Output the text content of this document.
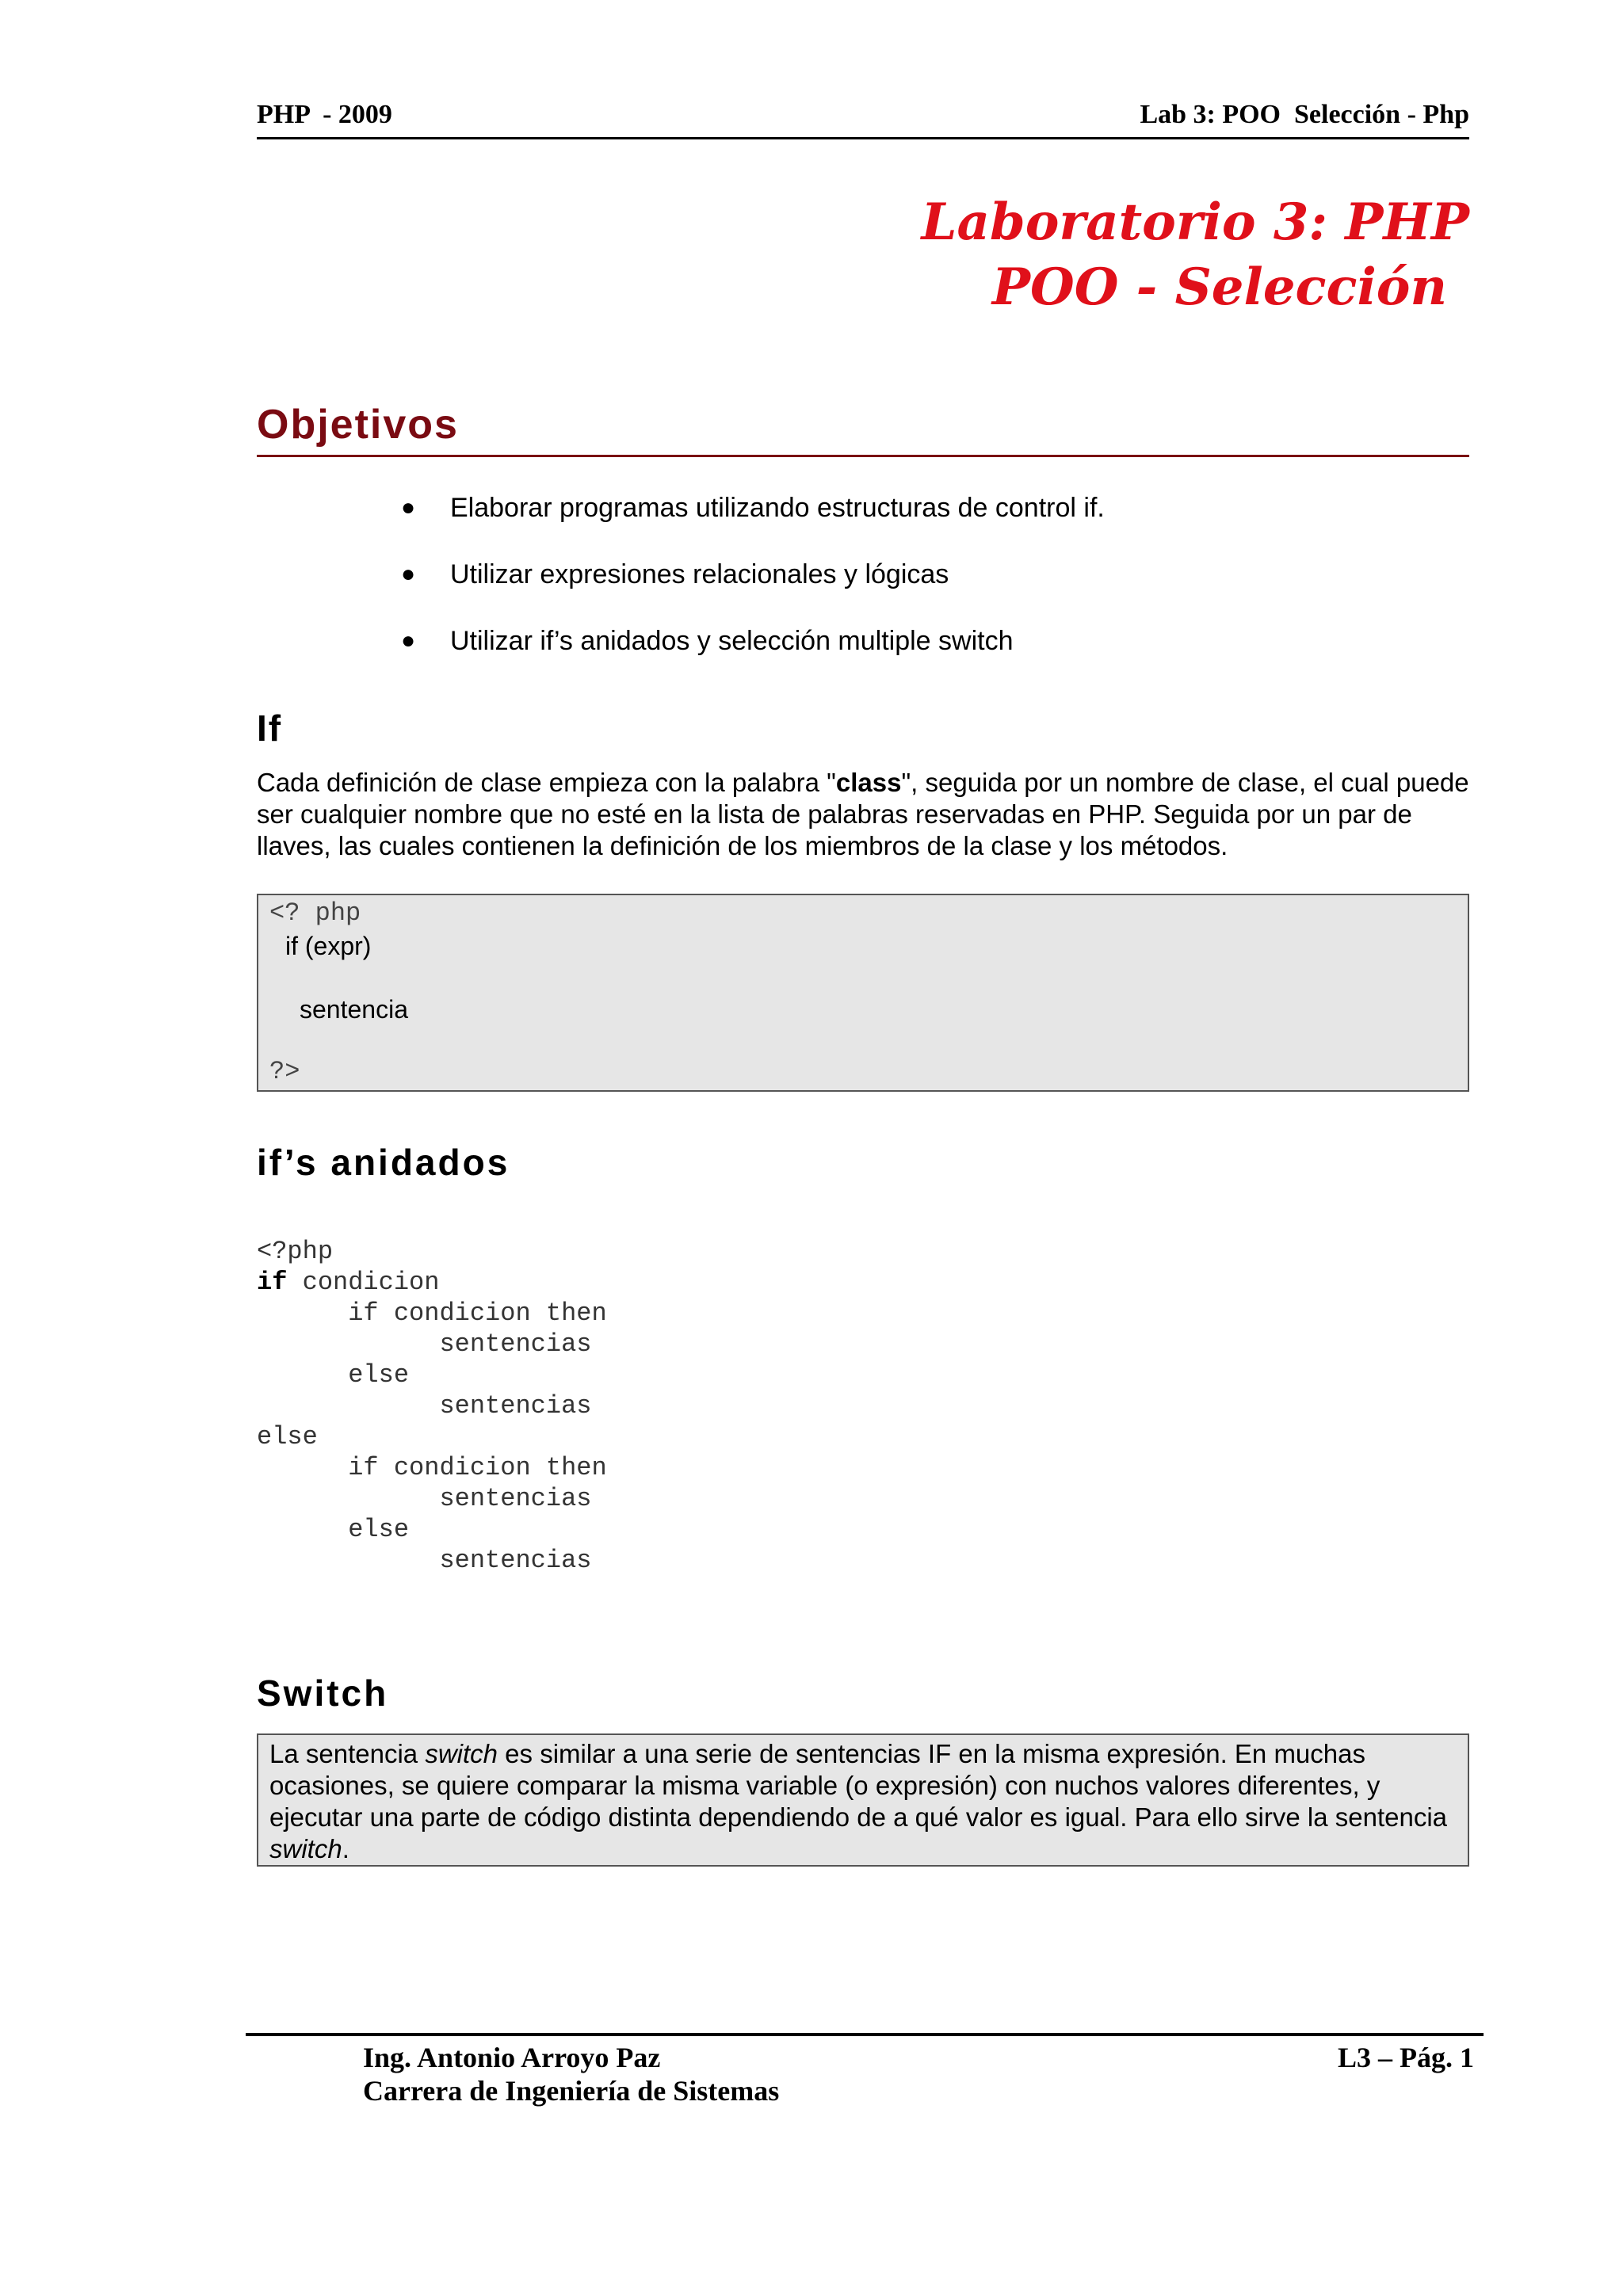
PHP  - 2009	Lab 3: POO  Selección - Php
Laboratorio 3: PHP
POO - Selección
Objetivos
● Elaborar programas utilizando estructuras de control if.
● Utilizar expresiones relacionales y lógicas
● Utilizar if’s anidados y selección multiple switch
If
Cada definición de clase empieza con la palabra "class", seguida por un nombre de clase, el cual puede ser cualquier nombre que no esté en la lista de palabras reservadas en PHP. Seguida por un par de llaves, las cuales contienen la definición de los miembros de la clase y los métodos.
<? php
if (expr)
sentencia
?>
if’s anidados
<?php
if condicion
if condicion then
sentencias
else
sentencias
else
if condicion then
sentencias
else
sentencias
Switch
La sentencia switch es similar a una serie de sentencias IF en la misma expresión. En muchas ocasiones, se quiere comparar la misma variable (o expresión) con nuchos valores diferentes, y ejecutar una parte de código distinta dependiendo de a qué valor es igual. Para ello sirve la sentencia switch.
Ing. Antonio Arroyo Paz
Carrera de Ingeniería de Sistemas
L3 – Pág. 1
